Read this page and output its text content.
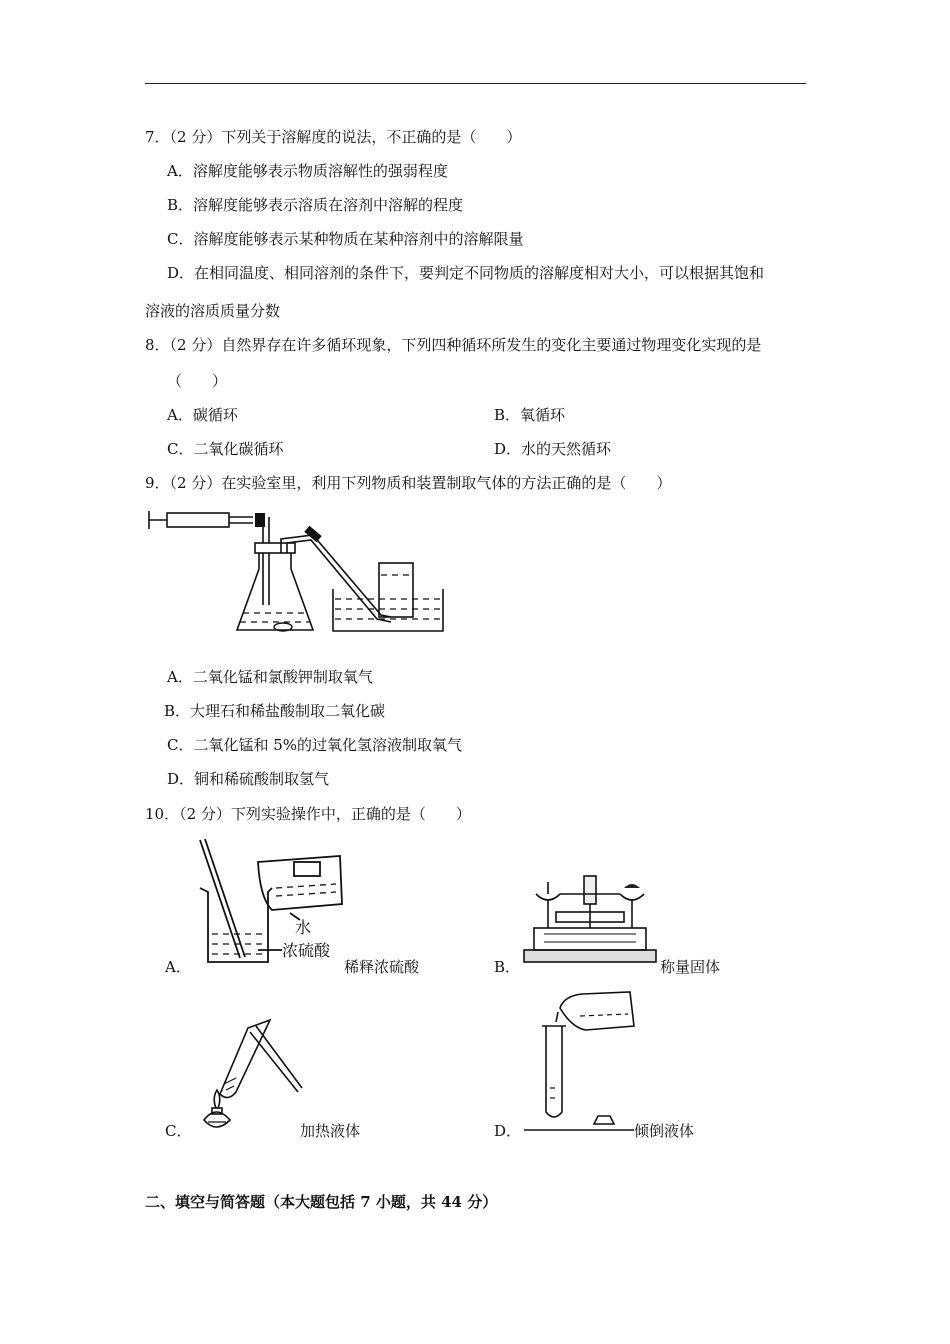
7．（2 分）下列关于溶解度的说法，不正确的是（　　）
A．溶解度能够表示物质溶解性的强弱程度
B．溶解度能够表示溶质在溶剂中溶解的程度
C．溶解度能够表示某种物质在某种溶剂中的溶解限量
D．在相同温度、相同溶剂的条件下，要判定不同物质的溶解度相对大小，可以根据其饱和
溶液的溶质质量分数
8．（2 分）自然界存在许多循环现象，下列四种循环所发生的变化主要通过物理变化实现的是
（　　）
A．碳循环	B．氧循环
C．二氧化碳循环	D．水的天然循环
9．（2 分）在实验室里，利用下列物质和装置制取气体的方法正确的是（　　）
A．二氧化锰和氯酸钾制取氧气
B．大理石和稀盐酸制取二氧化碳
C．二氧化锰和 5%的过氧化氢溶液制取氧气
D．铜和稀硫酸制取氢气
10．（2 分）下列实验操作中，正确的是（　　）
水
浓硫酸
A．	稀释浓硫酸	B．	称量固体
C．	加热液体	D．	倾倒液体
二、填空与简答题（本大题包括 7 小题，共 44 分）
